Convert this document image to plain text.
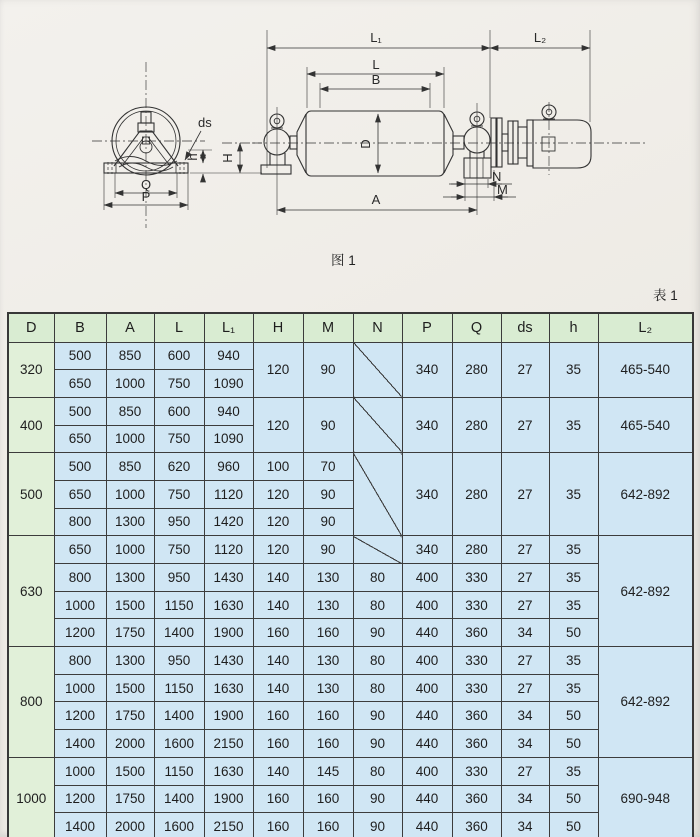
L₁	L₂
L
B
D
A
N
M
ds
h H
Q
P
图 1
表 1
D	B	A	L	L₁	H	M	N	P	Q	ds	h	L₂
320	500	850	600	940	120	90		340	280	27	35	465-540
	650	1000	750	1090								
400	500	850	600	940	120	90		340	280	27	35	465-540
	650	1000	750	1090								
500	500	850	620	960	100	70		340	280	27	35	642-892
	650	1000	750	1120	120	90						
	800	1300	950	1420	120	90						
630	650	1000	750	1120	120	90		340	280	27	35	642-892
	800	1300	950	1430	140	130	80	400	330	27	35	
	1000	1500	1150	1630	140	130	80	400	330	27	35	
	1200	1750	1400	1900	160	160	90	440	360	34	50	
800	800	1300	950	1430	140	130	80	400	330	27	35	642-892
	1000	1500	1150	1630	140	130	80	400	330	27	35	
	1200	1750	1400	1900	160	160	90	440	360	34	50	
	1400	2000	1600	2150	160	160	90	440	360	34	50	
1000	1000	1500	1150	1630	140	145	80	400	330	27	35	690-948
	1200	1750	1400	1900	160	160	90	440	360	34	50	
	1400	2000	1600	2150	160	160	90	440	360	34	50	
